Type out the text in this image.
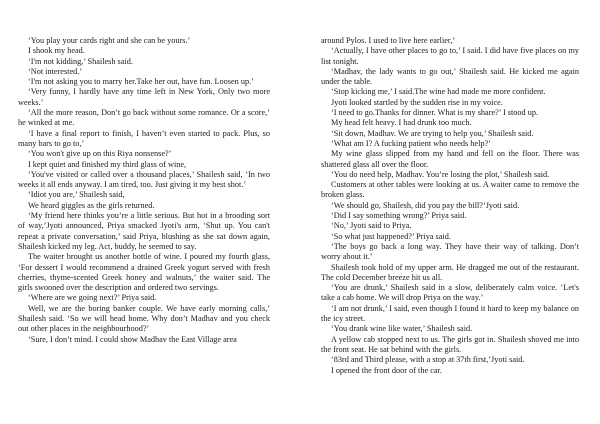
‘You play your cards right and she can be yours.’

I shook my head.

‘I'm not kidding,’ Shailesh said.

‘Not interested.’

‘I'm not asking you to marry her.Take her out, have fun. Loosen up.’

‘Very funny, I hardly have any time left in New York, Only two more weeks.’

‘All the more reason, Don’t go back without some romance. Or a score,’ he winked at me.

‘I have a final report to finish, I haven’t even started to pack. Plus, so many bars to go to,’

‘You won't give up on this Riya nonsense?’

I kept quiet and finished my third glass of wine,

‘You've visited or called over a thousand places,’ Shailesh said, ‘In two weeks it all ends anyway. I am tired, too. Just giving it my best shot.’

‘Idiot you are,’ Shailesh said,

We heard giggles as the girls returned.

‘My friend here thinks you’re a little serious. But hot in a brooding sort of way,’Jyoti announced, Priya smacked Jyoti's arm, ‘Shut up. You can't repeat a private conversation,’ said Priya, blushing as she sat down again, Shailesh kicked my leg. Act, buddy, he seemed to say.

The waiter brought us another bottle of wine. I poured my fourth glass, ‘For dessert I would recommend a drained Greek yogurt served with fresh cherries, thyme-scented Greek honey and walnuts,’ the waiter said. The girls swooned over the description and ordered two servings.

‘Where are we going next?’ Priya said.

Well, we are the boring banker couple. We have early morning calls,’ Shailesh said. ‘So we will head home. Why don’t Madhav and you check out other places in the neighbourhood?’

‘Sure, I don’t mind. I could show Madhav the East Village area

around Pylos. I used to live here earlier,’

‘Actually, I have other places to go to,’ I said. I did have five places on my list tonight.

‘Madhav, the lady wants to go out,’ Shailesh said. He kicked me again under the table.

‘Stop kicking me,’ I said.The wine had made me more confident.

Jyoti looked startled by the sudden rise in my voice.

‘I need to go.Thanks for dinner. What is my share?’ I stood up.

My head felt heavy. I had drunk too much.

‘Sit down, Madhav. We are trying to help you,’ Shailesh said.

‘What am I? A fucking patient who needs help?’

My wine glass slipped from my hand and fell on the floor. There was shattered glass all over the floor.

‘You do need help, Madhav. You’re losing the plot,’ Shailesh said.

Customers at other tables were looking at us. A waiter came to remove the broken glass.

‘We should go, Shailesh, did you pay the bill?’Jyoti said.

‘Did I say something wrong?’ Priya said.

‘No,’ Jyoti said to Priya.

‘So what just happened?’ Priya said.

‘The boys go back a long way. They have their way of talking. Don’t worry about it.’

Shailesh took hold of my upper arm. He dragged me out of the restaurant. The cold December breeze hit us all.

‘You are drunk,’ Shailesh said in a slow, deliberately calm voice. ‘Let's take a cab home. We will drop Priya on the way.’

‘I am not drunk,’ I said, even though I found it hard to keep my balance on the icy street.

‘You drank wine like water,’ Shailesh said.

A yellow cab stopped next to us. The girls got in. Shailesh shoved me into the front seat. He sat behind with the girls.

‘83rd and Third please, with a stop at 37th first,’Jyoti said.

I opened the front door of the car.
